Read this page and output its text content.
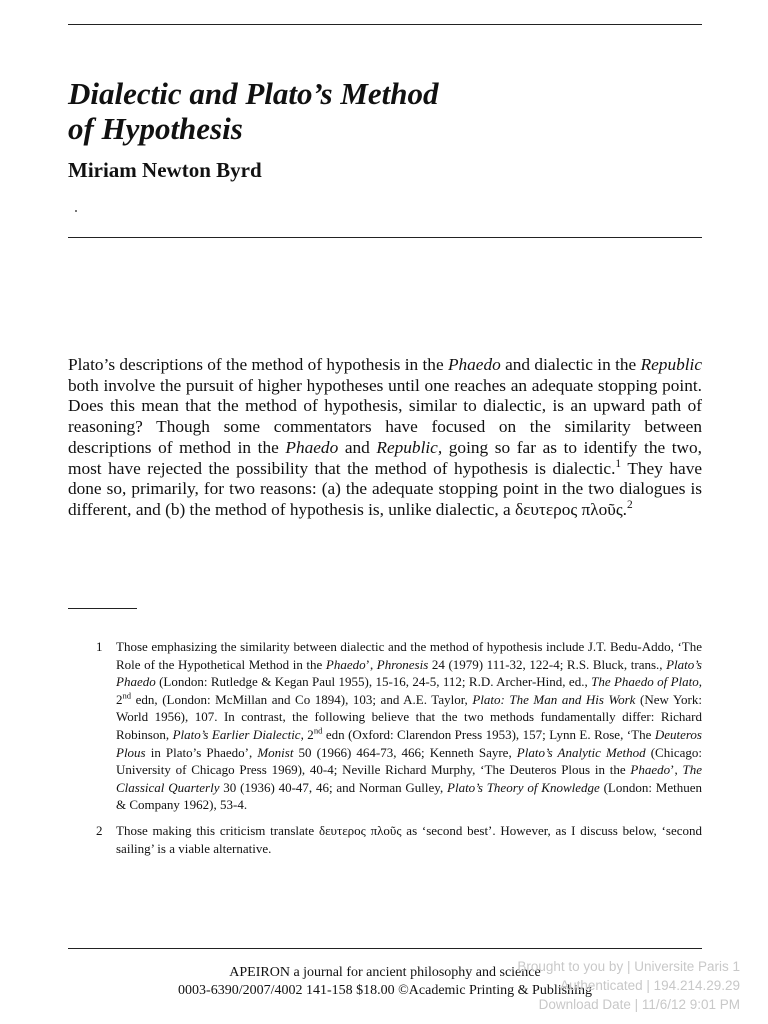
Dialectic and Plato’s Method
of Hypothesis

Miriam Newton Byrd

Plato’s descriptions of the method of hypothesis in the Phaedo and dialectic in the Republic both involve the pursuit of higher hypotheses until one reaches an adequate stopping point. Does this mean that the method of hypothesis, similar to dialectic, is an upward path of reasoning? Though some commentators have focused on the similarity between descriptions of method in the Phaedo and Republic, going so far as to identify the two, most have rejected the possibility that the method of hypothesis is dialectic.$^1$ They have done so, primarily, for two reasons: (a) the adequate stopping point in the two dialogues is different, and (b) the method of hypothesis is, unlike dialectic, a δευτερος πλοῦς.$^2$

1 Those emphasizing the similarity between dialectic and the method of hypothesis include J.T. Bedu-Addo, ‘The Role of the Hypothetical Method in the Phaedo’, Phronesis 24 (1979) 111-32, 122-4; R.S. Bluck, trans., Plato’s Phaedo (London: Rutledge & Kegan Paul 1955), 15-16, 24-5, 112; R.D. Archer-Hind, ed., The Phaedo of Plato, 2nd edn, (London: McMillan and Co 1894), 103; and A.E. Taylor, Plato: The Man and His Work (New York: World 1956), 107. In contrast, the following believe that the two methods fundamentally differ: Richard Robinson, Plato’s Earlier Dialectic, 2nd edn (Oxford: Clarendon Press 1953), 157; Lynn E. Rose, ‘The Deuteros Plous in Plato’s Phaedo’, Monist 50 (1966) 464-73, 466; Kenneth Sayre, Plato’s Analytic Method (Chicago: University of Chicago Press 1969), 40-4; Neville Richard Murphy, ‘The Deuteros Plous in the Phaedo’, The Classical Quarterly 30 (1936) 40-47, 46; and Norman Gulley, Plato’s Theory of Knowledge (London: Methuen & Company 1962), 53-4.
2 Those making this criticism translate δευτερος πλοῦς as ‘second best’. However, as I discuss below, ‘second sailing’ is a viable alternative.
APEIRON a journal for ancient philosophy and science
0003-6390/2007/4002 141-158 $18.00 ©Academic Printing & Publishing
Brought to you by | Universite Paris 1
Authenticated | 194.214.29.29
Download Date | 11/6/12 9:01 PM
